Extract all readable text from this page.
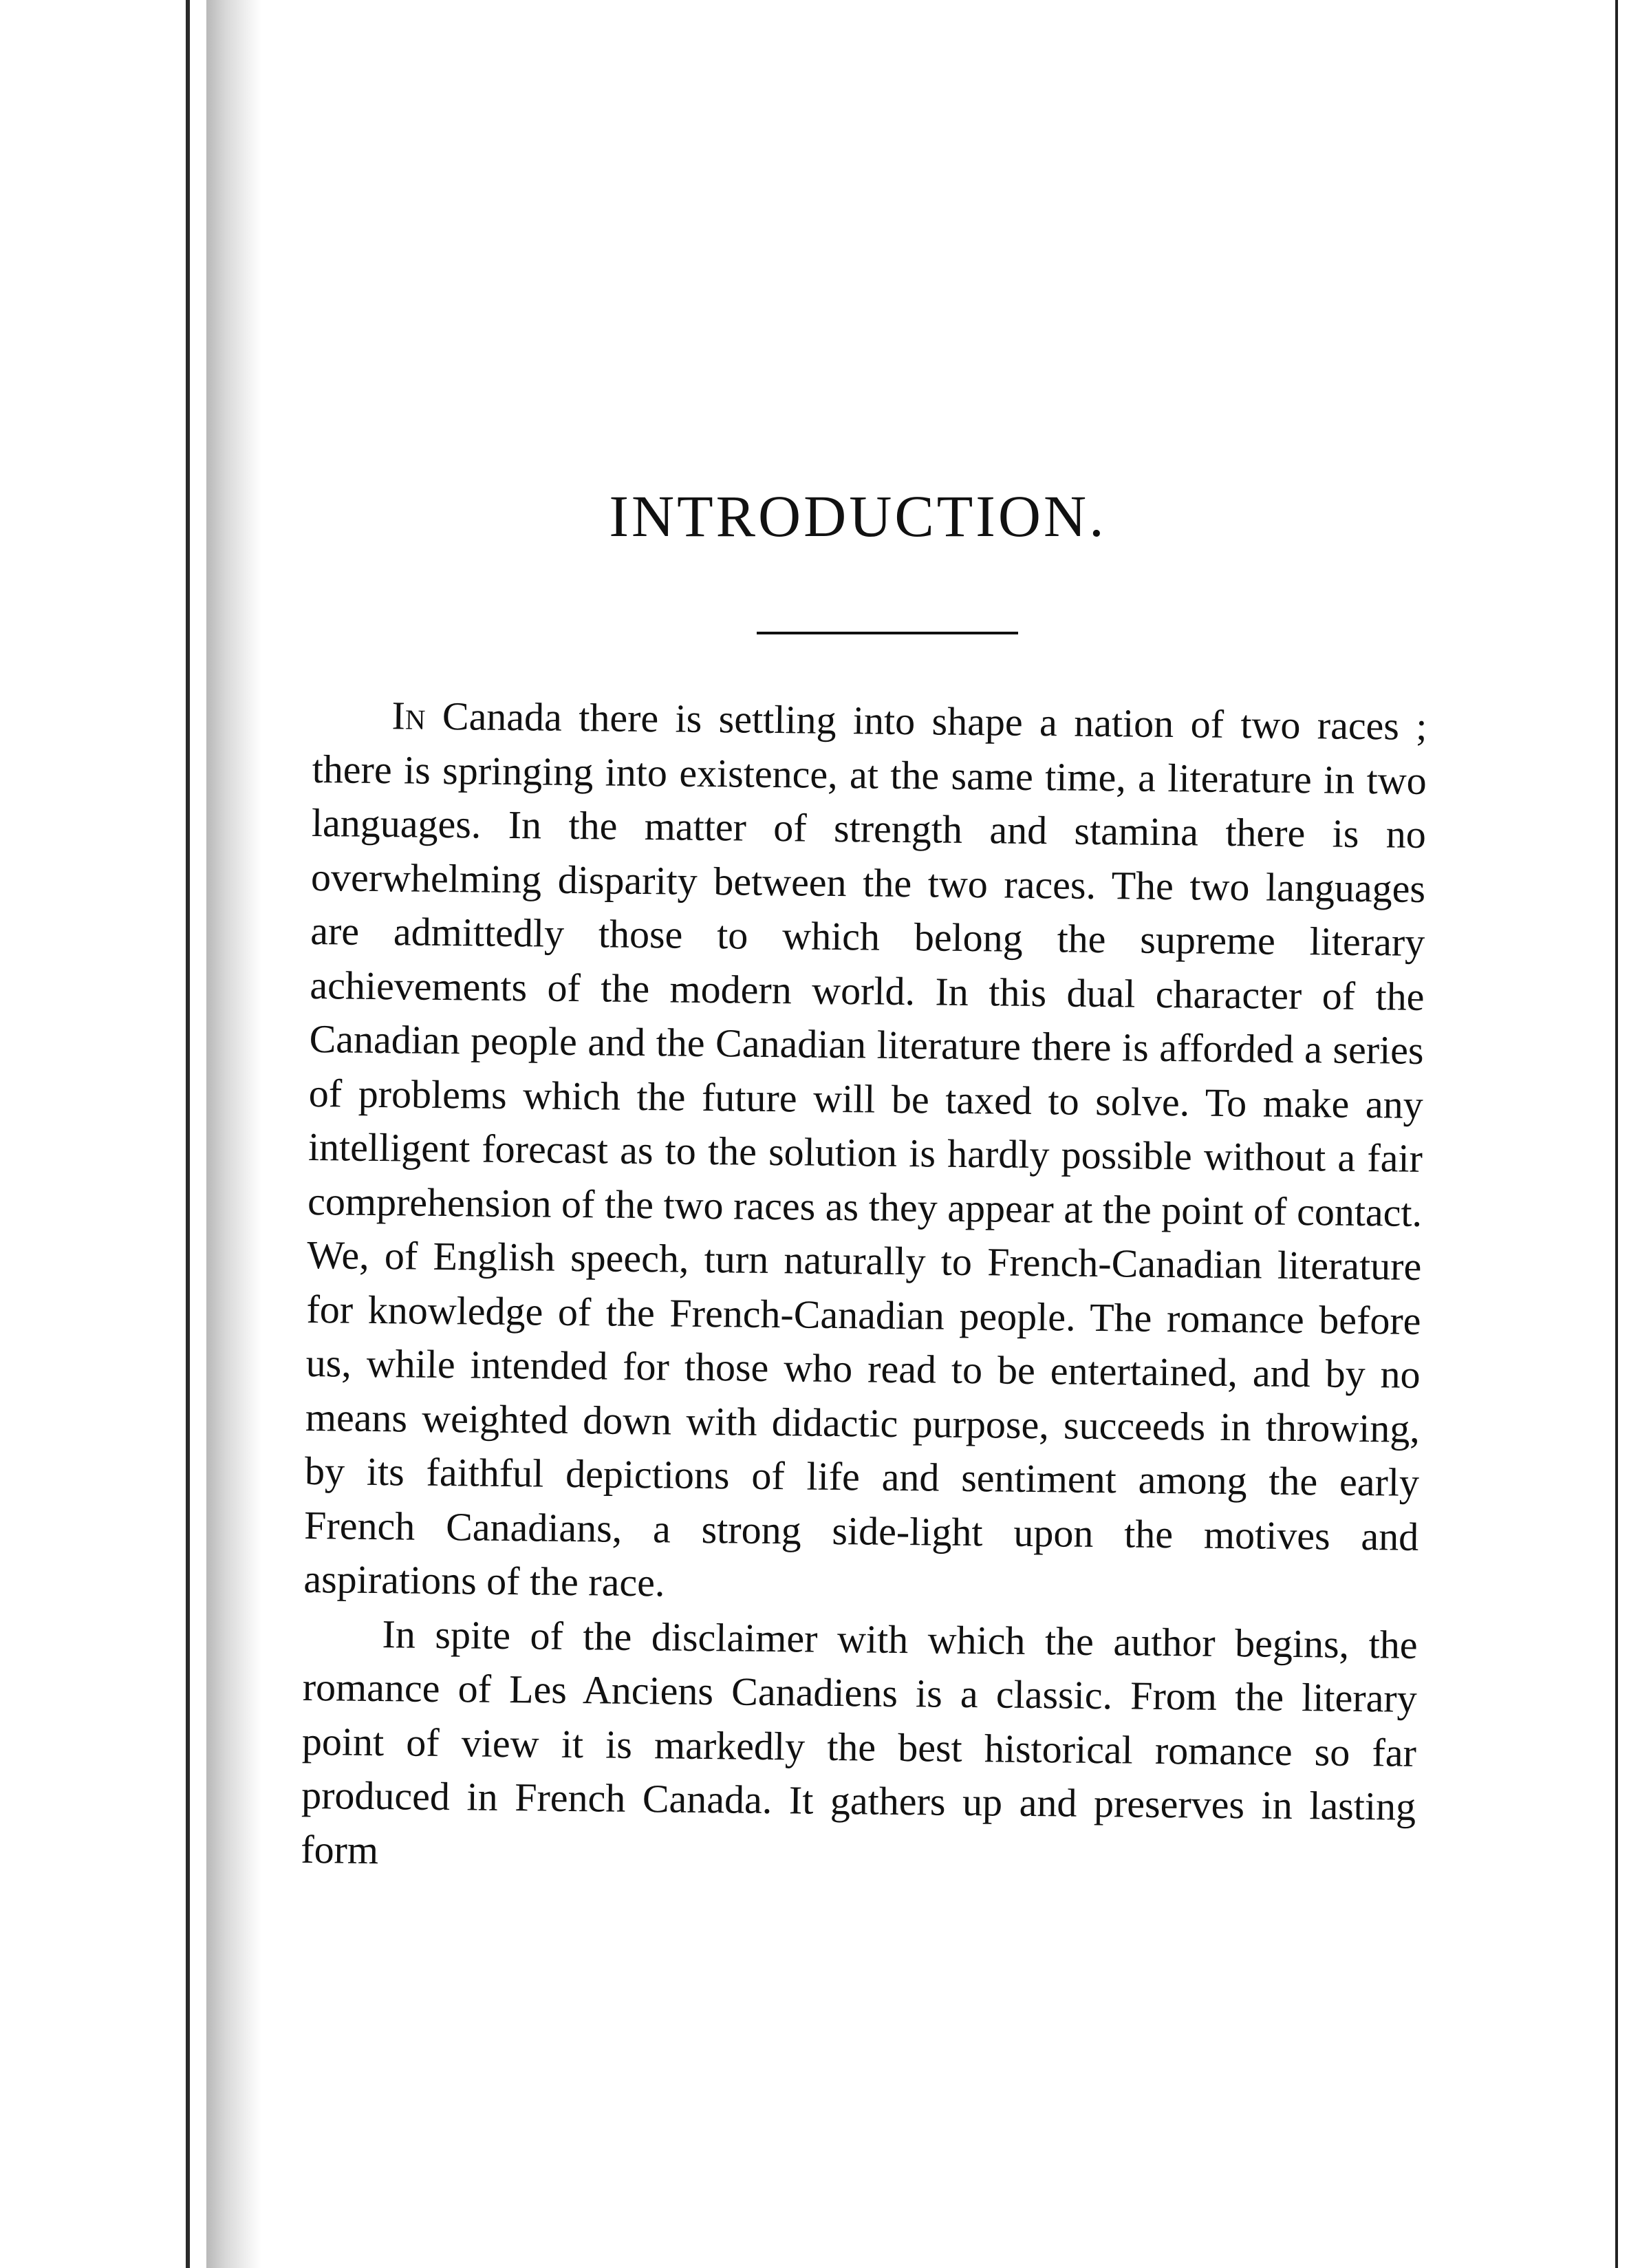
INTRODUCTION.

In Canada there is settling into shape a nation of two races ; there is springing into existence, at the same time, a literature in two languages. In the matter of strength and stamina there is no overwhelming disparity between the two races. The two languages are admittedly those to which belong the supreme literary achievements of the modern world. In this dual character of the Canadian people and the Canadian literature there is afforded a series of problems which the future will be taxed to solve. To make any intelligent forecast as to the solution is hardly possible without a fair comprehension of the two races as they appear at the point of contact. We, of English speech, turn naturally to French-Canadian literature for knowledge of the French-Canadian people. The romance before us, while intended for those who read to be entertained, and by no means weighted down with didactic purpose, succeeds in throwing, by its faithful depictions of life and sentiment among the early French Canadians, a strong side-light upon the motives and aspirations of the race.

In spite of the disclaimer with which the author begins, the romance of Les Anciens Canadiens is a classic. From the literary point of view it is markedly the best historical romance so far produced in French Canada. It gathers up and preserves in lasting form
